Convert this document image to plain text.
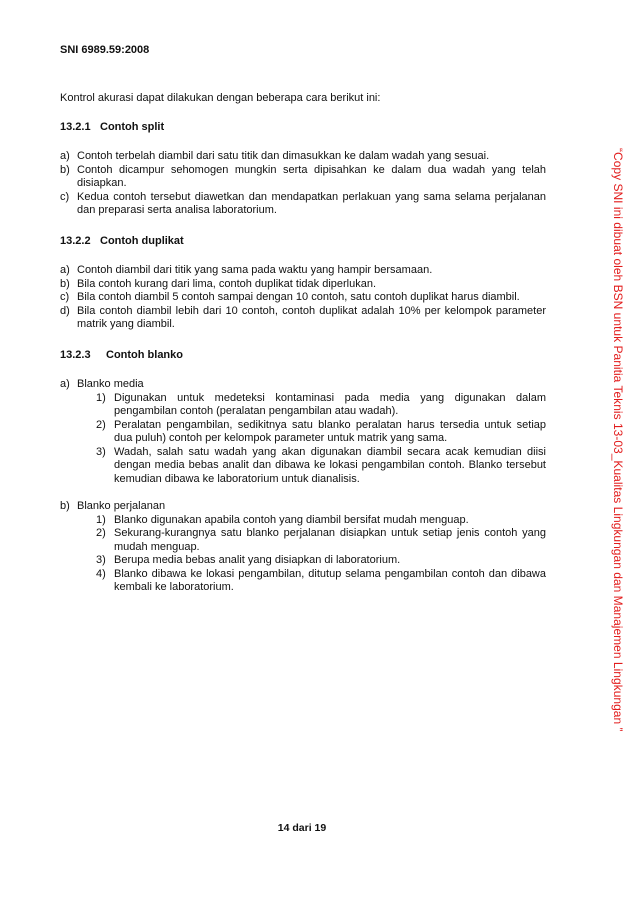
SNI 6989.59:2008

Kontrol akurasi dapat dilakukan dengan beberapa cara berikut ini:

13.2.1 Contoh split
a) Contoh terbelah diambil dari satu titik dan dimasukkan ke dalam wadah yang sesuai.
b) Contoh dicampur sehomogen mungkin serta dipisahkan ke dalam dua wadah yang telah disiapkan.
c) Kedua contoh tersebut diawetkan dan mendapatkan perlakuan yang sama selama perjalanan dan preparasi serta analisa laboratorium.
13.2.2 Contoh duplikat
a) Contoh diambil dari titik yang sama pada waktu yang hampir bersamaan.
b) Bila contoh kurang dari lima, contoh duplikat tidak diperlukan.
c) Bila contoh diambil 5 contoh sampai dengan 10 contoh, satu contoh duplikat harus diambil.
d) Bila contoh diambil lebih dari 10 contoh, contoh duplikat adalah 10% per kelompok parameter matrik yang diambil.
13.2.3 Contoh blanko
a) Blanko media
1) Digunakan untuk medeteksi kontaminasi pada media yang digunakan dalam pengambilan contoh (peralatan pengambilan atau wadah).
2) Peralatan pengambilan, sedikitnya satu blanko peralatan harus tersedia untuk setiap dua puluh) contoh per kelompok parameter untuk matrik yang sama.
3) Wadah, salah satu wadah yang akan digunakan diambil secara acak kemudian diisi dengan media bebas analit dan dibawa ke lokasi pengambilan contoh. Blanko tersebut kemudian dibawa ke laboratorium untuk dianalisis.
b) Blanko perjalanan
1) Blanko digunakan apabila contoh yang diambil bersifat mudah menguap.
2) Sekurang-kurangnya satu blanko perjalanan disiapkan untuk setiap jenis contoh yang mudah menguap.
3) Berupa media bebas analit yang disiapkan di laboratorium.
4) Blanko dibawa ke lokasi pengambilan, ditutup selama pengambilan contoh dan dibawa kembali ke laboratorium.
14 dari 19
“Copy SNI ini dibuat oleh BSN untuk Panitia Teknis 13-03_Kualitas Lingkungan dan Manajemen Lingkungan ”
